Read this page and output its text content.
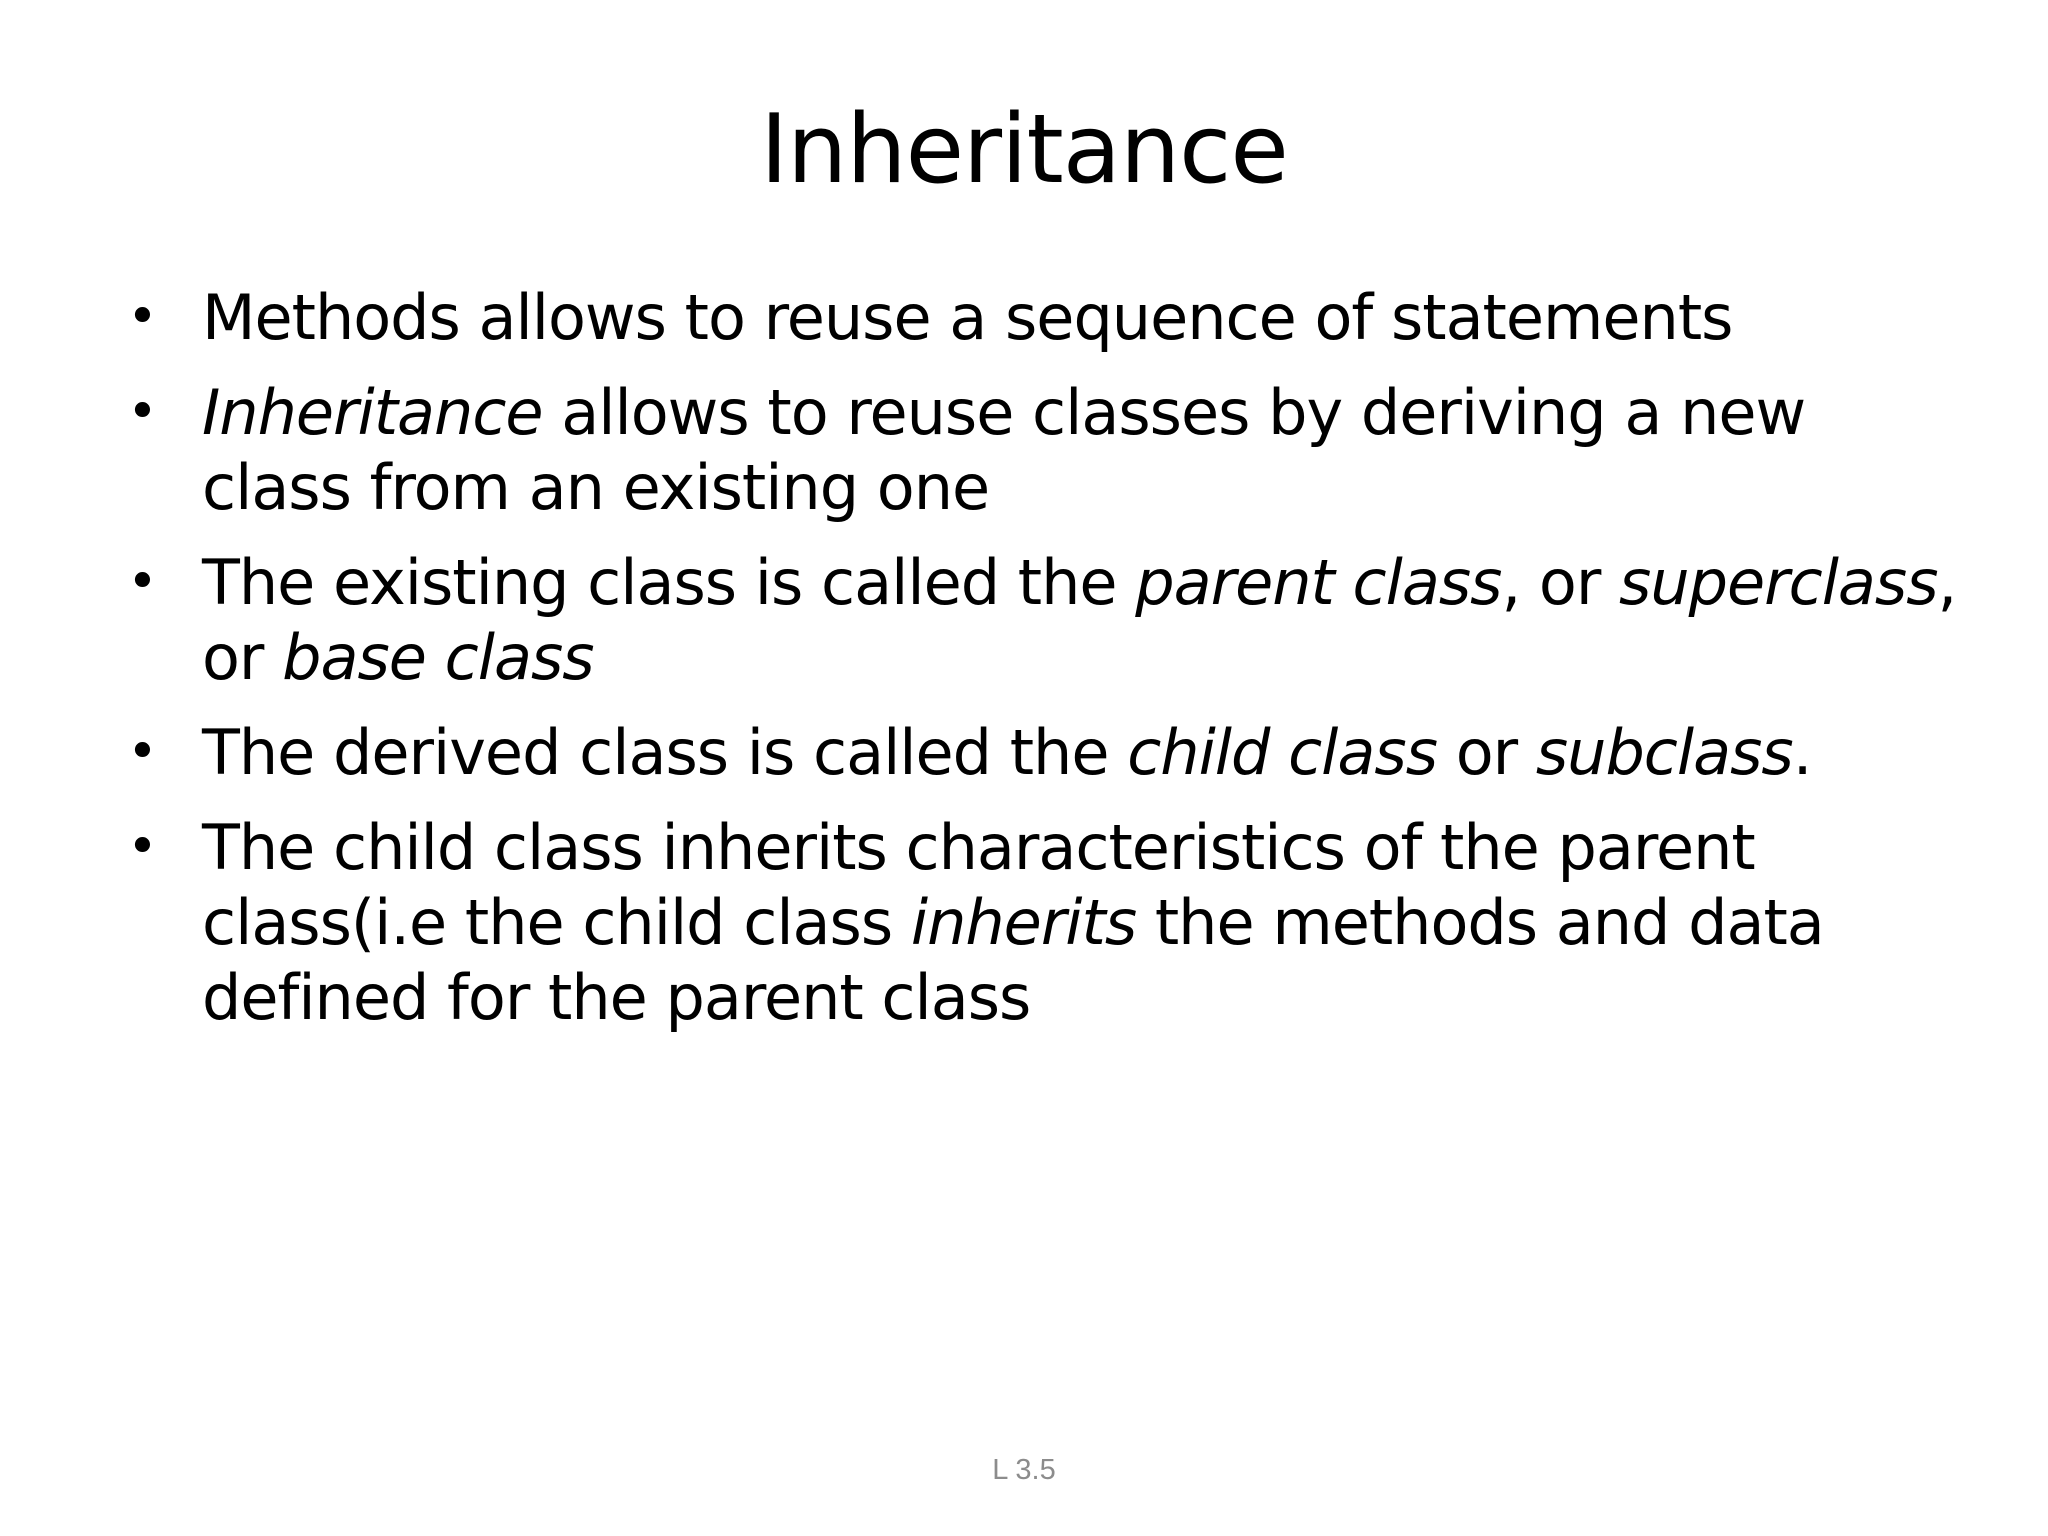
Inheritance
• Methods allows to reuse a sequence of statements
• Inheritance allows to reuse classes by deriving a new class from an existing one
• The existing class is called the parent class, or superclass, or base class
• The derived class is called the child class or subclass.
• The child class inherits characteristics of the parent class(i.e the child class inherits the methods and data defined for the parent class
L 3.5
